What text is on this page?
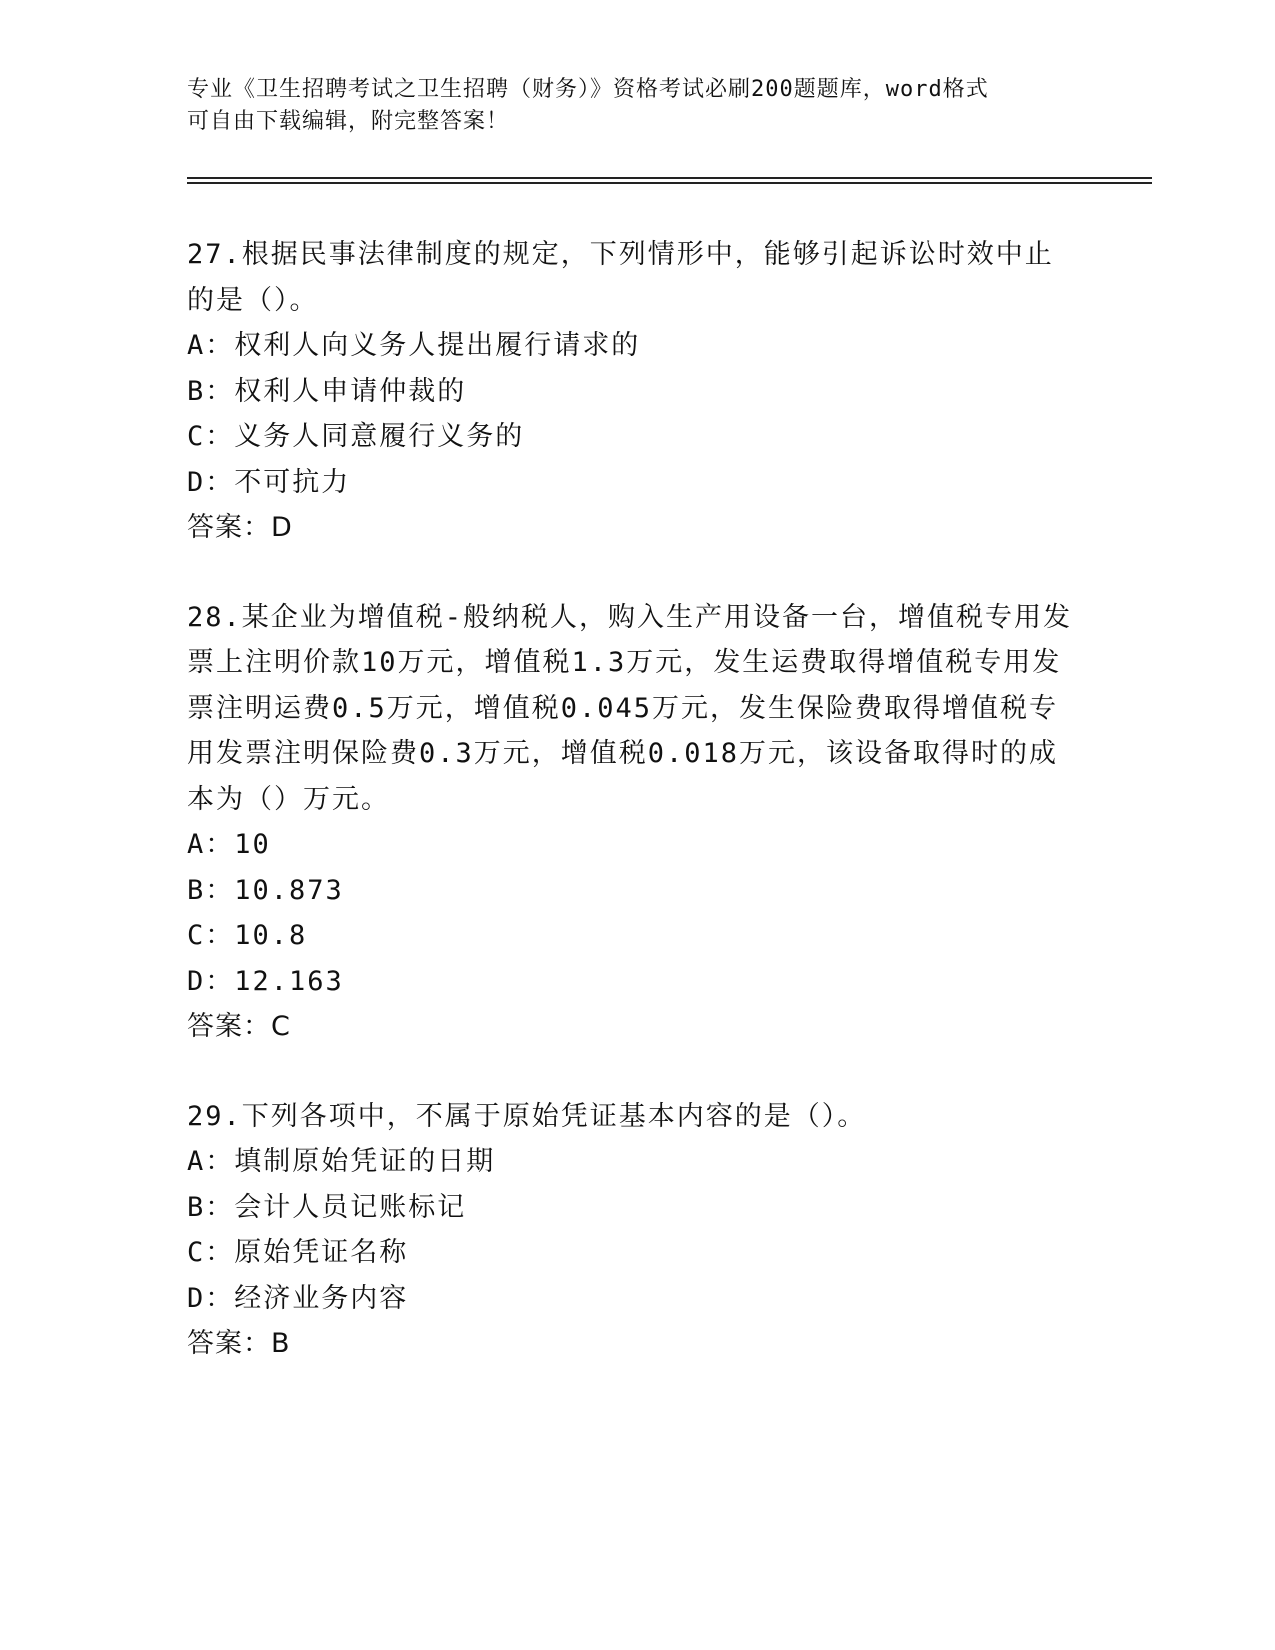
专业《卫生招聘考试之卫生招聘（财务）》资格考试必刷200题题库，word格式
可自由下载编辑，附完整答案！

27.根据民事法律制度的规定，下列情形中，能够引起诉讼时效中止的是（）。

A：权利人向义务人提出履行请求的

B：权利人申请仲裁的

C：义务人同意履行义务的

D：不可抗力

答案：D

28.某企业为增值税-般纳税人，购入生产用设备一台，增值税专用发票上注明价款10万元，增值税1.3万元，发生运费取得增值税专用发票注明运费0.5万元，增值税0.045万元，发生保险费取得增值税专用发票注明保险费0.3万元，增值税0.018万元，该设备取得时的成本为（）万元。

A：10

B：10.873

C：10.8

D：12.163

答案：C

29.下列各项中，不属于原始凭证基本内容的是（）。

A：填制原始凭证的日期

B：会计人员记账标记

C：原始凭证名称

D：经济业务内容

答案：B
